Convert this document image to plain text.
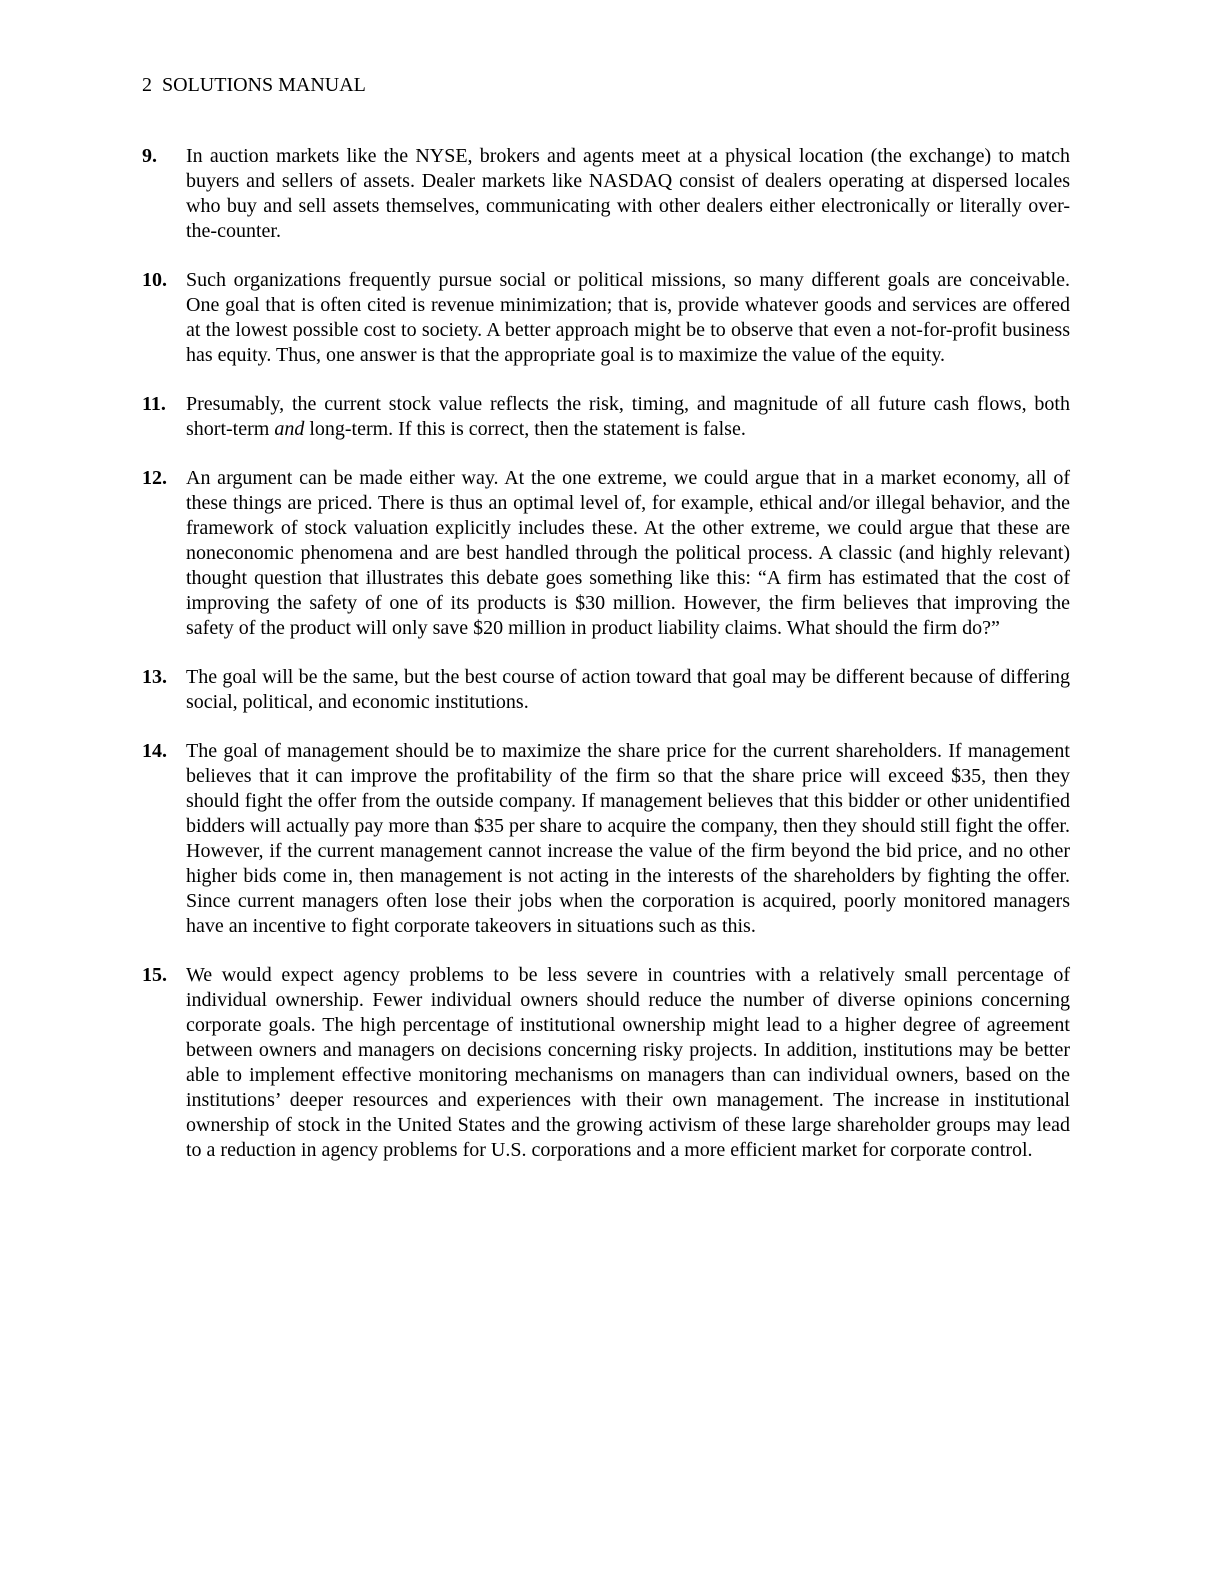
2 SOLUTIONS MANUAL
9.	In auction markets like the NYSE, brokers and agents meet at a physical location (the exchange) to match buyers and sellers of assets. Dealer markets like NASDAQ consist of dealers operating at dispersed locales who buy and sell assets themselves, communicating with other dealers either electronically or literally over-the-counter.

10. Such organizations frequently pursue social or political missions, so many different goals are conceivable. One goal that is often cited is revenue minimization; that is, provide whatever goods and services are offered at the lowest possible cost to society. A better approach might be to observe that even a not-for-profit business has equity. Thus, one answer is that the appropriate goal is to maximize the value of the equity.

11.	Presumably, the current stock value reflects the risk, timing, and magnitude of all future cash flows, both short-term and long-term. If this is correct, then the statement is false.

12. An argument can be made either way. At the one extreme, we could argue that in a market economy, all of these things are priced. There is thus an optimal level of, for example, ethical and/or illegal behavior, and the framework of stock valuation explicitly includes these. At the other extreme, we could argue that these are noneconomic phenomena and are best handled through the political process. A classic (and highly relevant) thought question that illustrates this debate goes something like this: “A firm has estimated that the cost of improving the safety of one of its products is $30 million. However, the firm believes that improving the safety of the product will only save $20 million in product liability claims. What should the firm do?”

13. The goal will be the same, but the best course of action toward that goal may be different because of differing social, political, and economic institutions.

14. The goal of management should be to maximize the share price for the current shareholders. If management believes that it can improve the profitability of the firm so that the share price will exceed $35, then they should fight the offer from the outside company. If management believes that this bidder or other unidentified bidders will actually pay more than $35 per share to acquire the company, then they should still fight the offer. However, if the current management cannot increase the value of the firm beyond the bid price, and no other higher bids come in, then management is not acting in the interests of the shareholders by fighting the offer. Since current managers often lose their jobs when the corporation is acquired, poorly monitored managers have an incentive to fight corporate takeovers in situations such as this.

15. We would expect agency problems to be less severe in countries with a relatively small percentage of individual ownership. Fewer individual owners should reduce the number of diverse opinions concerning corporate goals. The high percentage of institutional ownership might lead to a higher degree of agreement between owners and managers on decisions concerning risky projects. In addition, institutions may be better able to implement effective monitoring mechanisms on managers than can individual owners, based on the institutions’ deeper resources and experiences with their own management. The increase in institutional ownership of stock in the United States and the growing activism of these large shareholder groups may lead to a reduction in agency problems for U.S. corporations and a more efficient market for corporate control.
